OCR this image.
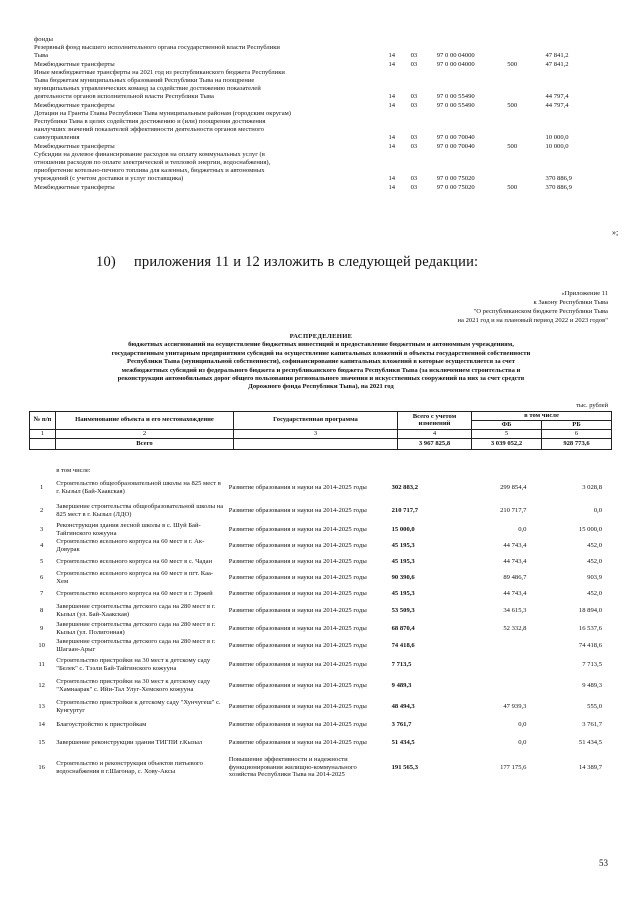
фонды					

Резервный фонд высшего исполнительного органа государственной власти Республики
Тыва	14	03	97 0 00 04000		47 841,2

Межбюджетные трансферты	14	03	97 0 00 04000	500	47 841,2

Иные межбюджетные трансферты на 2021 год из республиканского бюджета Республики
Тыва бюджетам муниципальных образований Республики Тыва на поощрение
муниципальных управленческих команд за содействие достижению показателей
деятельности органов исполнительной власти Республики Тыва	14	03	97 0 00 55490		44 797,4

Межбюджетные трансферты	14	03	97 0 00 55490	500	44 797,4

Дотации на Гранты Главы Республики Тыва муниципальным районам (городским округам)
Республики Тыва в целях содействия достижению и (или) поощрения достижения
наилучших значений показателей эффективности деятельности органов местного
самоуправления	14	03	97 0 00 70040		10 000,0

Межбюджетные трансферты	14	03	97 0 00 70040	500	10 000,0

Субсидии на долевое финансирование расходов на оплату коммунальных услуг (в
отношении расходов по оплате электрической и тепловой энергии, водоснабжения),
приобретение котельно-печного топлива для казенных, бюджетных и автономных
учреждений (с учетом доставки и услуг поставщика)	14	03	97 0 00 75020		370 886,9

Межбюджетные трансферты	14	03	97 0 00 75020	500	370 886,9
»;
10) приложения 11 и 12 изложить в следующей редакции:
«Приложение 11
к Закону Республики Тыва
"О республиканском бюджете Республики Тыва
на 2021 год и на плановый период 2022 и 2023 годов"
РАСПРЕДЕЛЕНИЕ
бюджетных ассигнований на осуществление бюджетных инвестиций и предоставление бюджетным и автономным учреждениям,
государственным унитарным предприятиям субсидий на осуществление капитальных вложений в объекты государственной собственности
Республики Тыва (муниципальной собственности), софинансирование капитальных вложений в которые осуществляется за счет
межбюджетных субсидий из федерального бюджета и республиканского бюджета Республики Тыва (за исключением строительства и
реконструкции автомобильных дорог общего пользования регионального значения и искусственных сооружений на них за счет средств
Дорожного фонда Республики Тыва), на 2021 год
тыс. рублей
№ п/п	Наименование объекта и его местонахождение	Государственная программа	Всего с учетом изменений	в том числе	
				ФБ	РБ
1	2	3	4	5	6
	Всего		3 967 825,8	3 039 052,2	928 773,6
	в том числе:				
1	Строительство общеобразовательной школы на 825 мест в г. Кызыл (Бай-Хаакская)	Развитие образования и науки на 2014-2025 годы	302 883,2	299 854,4	3 028,8
2	Завершение строительства общеобразовательной школы на 825 мест в г. Кызыл (ЛДО)	Развитие образования и науки на 2014-2025 годы	210 717,7	210 717,7	0,0
3	Реконструкция здания лесной школы в с. Шуй Бай-Тайгинского кожууна	Развитие образования и науки на 2014-2025 годы	15 000,0	0,0	15 000,0
4	Строительство ясельного корпуса на 60 мест в г. Ак-Довурак	Развитие образования и науки на 2014-2025 годы	45 195,3	44 743,4	452,0
5	Строительство ясельного корпуса на 60 мест в с. Чадан	Развитие образования и науки на 2014-2025 годы	45 195,3	44 743,4	452,0
6	Строительство ясельного корпуса на 60 мест в пгт. Каа-Хем	Развитие образования и науки на 2014-2025 годы	90 390,6	89 486,7	903,9
7	Строительство ясельного корпуса на 60 мест в г. Эржей	Развитие образования и науки на 2014-2025 годы	45 195,3	44 743,4	452,0
8	Завершение строительства детского сада на 280 мест в г. Кызыл (ул. Бай-Хаакская)	Развитие образования и науки на 2014-2025 годы	53 509,3	34 615,3	18 894,0
9	Завершение строительства детского сада на 280 мест в г. Кызыл (ул. Полигонная)	Развитие образования и науки на 2014-2025 годы	68 870,4	52 332,8	16 537,6
10	Завершение строительства детского сада на 280 мест в г. Шагаан-Арыг	Развитие образования и науки на 2014-2025 годы	74 418,6		74 418,6
11	Строительство пристройки на 30 мест к детскому саду "Белек" с. Тээли Бай-Тайгинского кожууна	Развитие образования и науки на 2014-2025 годы	7 713,5		7 713,5
12	Строительство пристройки на 30 мест к детскому саду "Хамнаарак" с. Ийи-Тал Улуг-Хемского кожууна	Развитие образования и науки на 2014-2025 годы	9 489,3		9 489,3
13	Строительство пристройки к детскому саду "Хунчугеш" с. Кунгуртуг	Развитие образования и науки на 2014-2025 годы	48 494,3	47 939,3	555,0
14	Благоустройство к пристройкам	Развитие образования и науки на 2014-2025 годы	3 761,7	0,0	3 761,7
15	Завершение реконструкции здания ТИГПИ г.Кызыл	Развитие образования и науки на 2014-2025 годы	51 434,5	0,0	51 434,5
16	Строительство и реконструкция объектов питьевого водоснабжения в г.Шагонар, с. Хову-Аксы	Повышение эффективности и надежности функционирования жилищно-коммунального хозяйства Республики Тыва на 2014-2025	191 565,3	177 175,6	14 389,7
53
